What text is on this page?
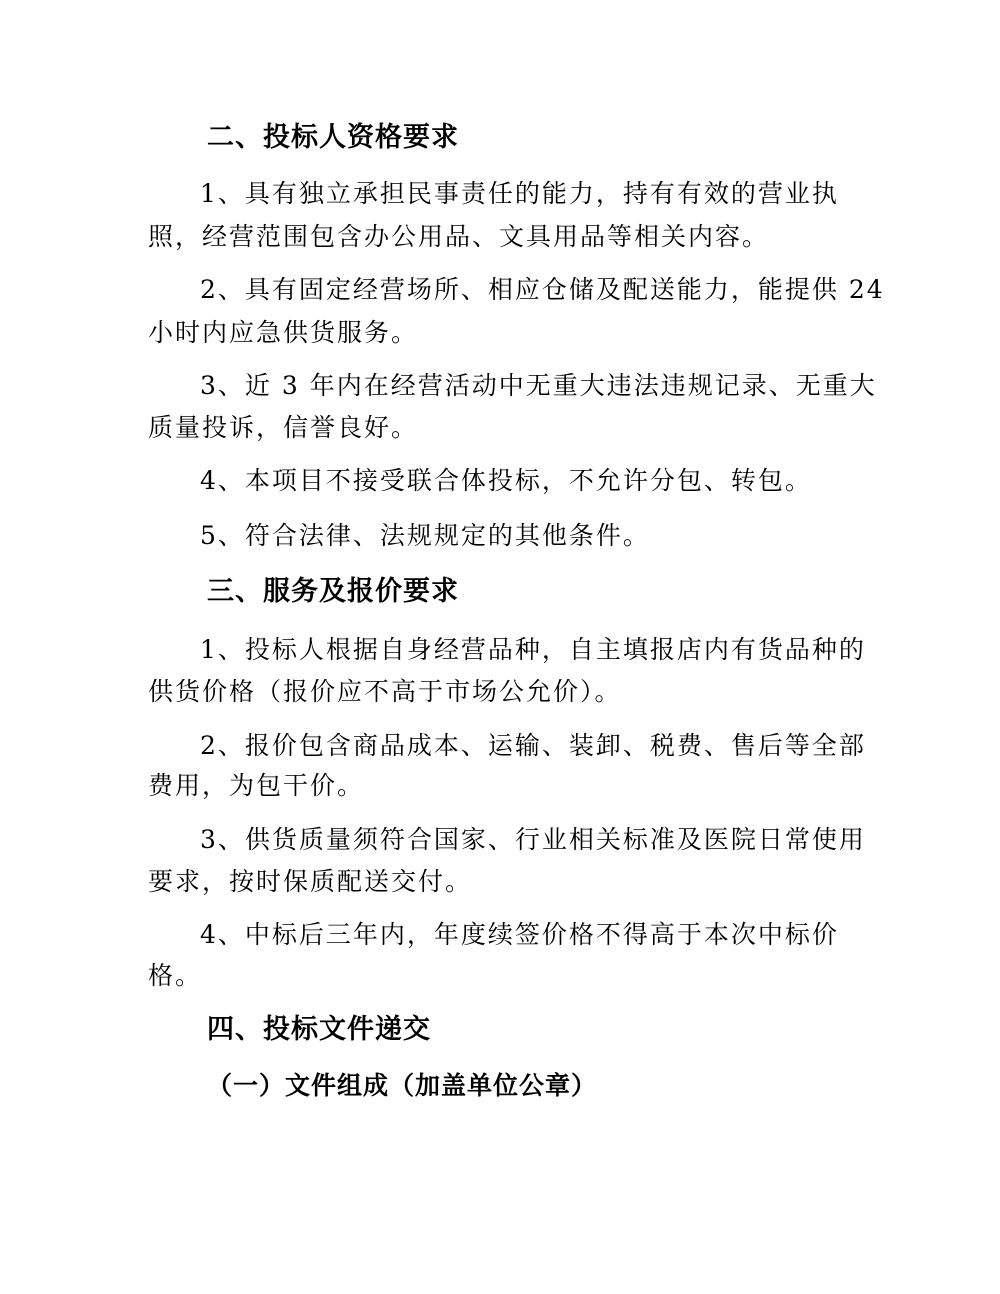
二、投标人资格要求
1、具有独立承担民事责任的能力，持有有效的营业执
照，经营范围包含办公用品、文具用品等相关内容。
2、具有固定经营场所、相应仓储及配送能力，能提供 24
小时内应急供货服务。
3、近 3 年内在经营活动中无重大违法违规记录、无重大
质量投诉，信誉良好。
4、本项目不接受联合体投标，不允许分包、转包。
5、符合法律、法规规定的其他条件。
三、服务及报价要求
1、投标人根据自身经营品种，自主填报店内有货品种的
供货价格（报价应不高于市场公允价）。
2、报价包含商品成本、运输、装卸、税费、售后等全部
费用，为包干价。
3、供货质量须符合国家、行业相关标准及医院日常使用
要求，按时保质配送交付。
4、中标后三年内，年度续签价格不得高于本次中标价
格。
四、投标文件递交
（一）文件组成（加盖单位公章）
